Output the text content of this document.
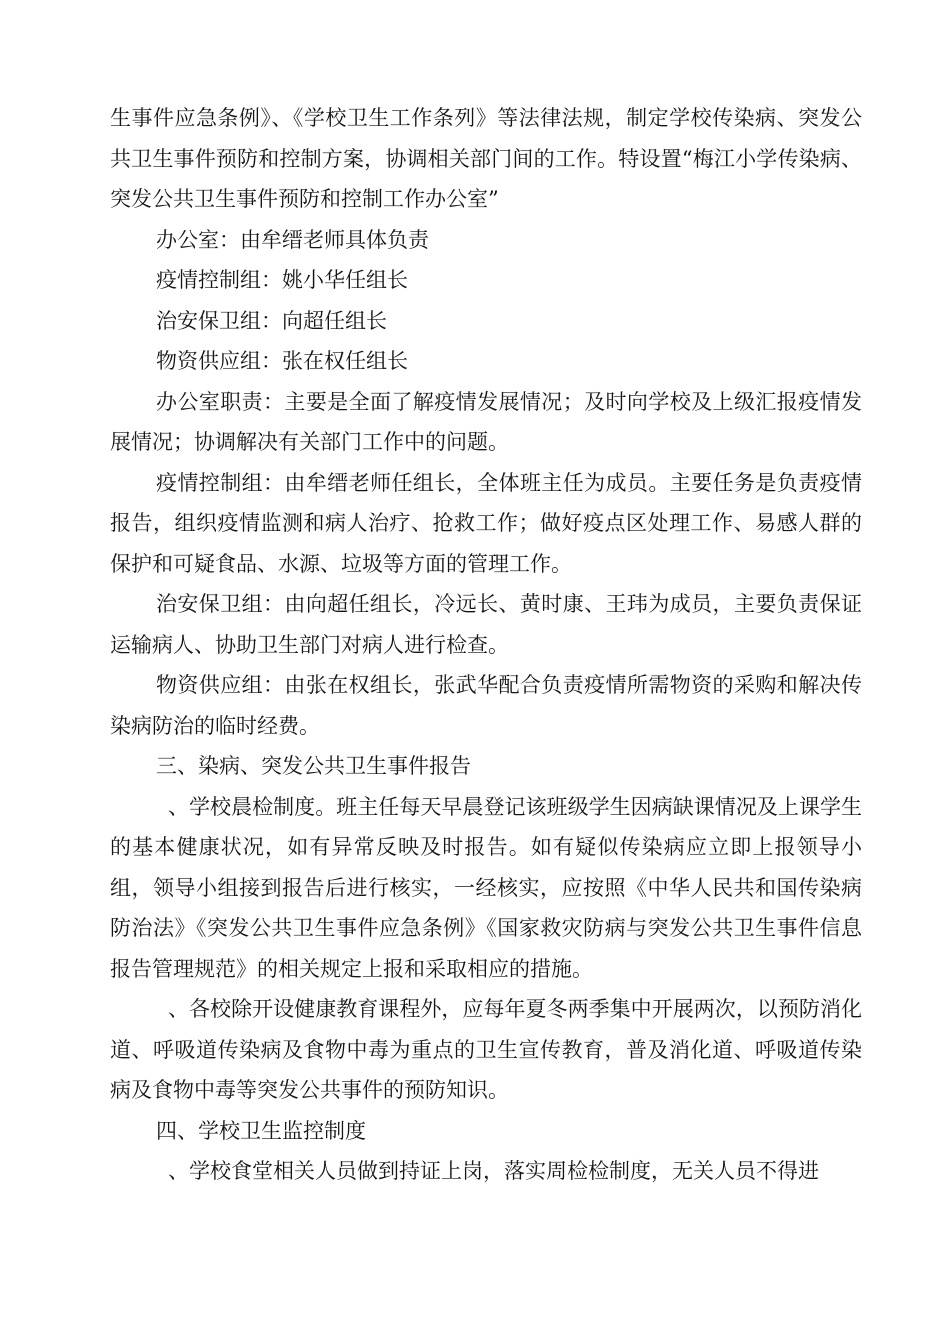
生事件应急条例》、《学校卫生工作条列》等法律法规，制定学校传染病、突发公共卫生事件预防和控制方案，协调相关部门间的工作。特设置“梅江小学传染病、突发公共卫生事件预防和控制工作办公室”

办公室：由牟缙老师具体负责

疫情控制组：姚小华任组长

治安保卫组：向超任组长

物资供应组：张在权任组长

办公室职责：主要是全面了解疫情发展情况；及时向学校及上级汇报疫情发展情况；协调解决有关部门工作中的问题。

疫情控制组：由牟缙老师任组长，全体班主任为成员。主要任务是负责疫情报告，组织疫情监测和病人治疗、抢救工作；做好疫点区处理工作、易感人群的保护和可疑食品、水源、垃圾等方面的管理工作。

治安保卫组：由向超任组长，冷远长、黄时康、王玮为成员，主要负责保证运输病人、协助卫生部门对病人进行检查。

物资供应组：由张在权组长，张武华配合负责疫情所需物资的采购和解决传染病防治的临时经费。

三、染病、突发公共卫生事件报告

、学校晨检制度。班主任每天早晨登记该班级学生因病缺课情况及上课学生的基本健康状况，如有异常反映及时报告。如有疑似传染病应立即上报领导小组，领导小组接到报告后进行核实，一经核实，应按照《中华人民共和国传染病防治法》《突发公共卫生事件应急条例》《国家救灾防病与突发公共卫生事件信息报告管理规范》的相关规定上报和采取相应的措施。

、各校除开设健康教育课程外，应每年夏冬两季集中开展两次，以预防消化道、呼吸道传染病及食物中毒为重点的卫生宣传教育，普及消化道、呼吸道传染病及食物中毒等突发公共事件的预防知识。

四、学校卫生监控制度

、学校食堂相关人员做到持证上岗，落实周检检制度，无关人员不得进
